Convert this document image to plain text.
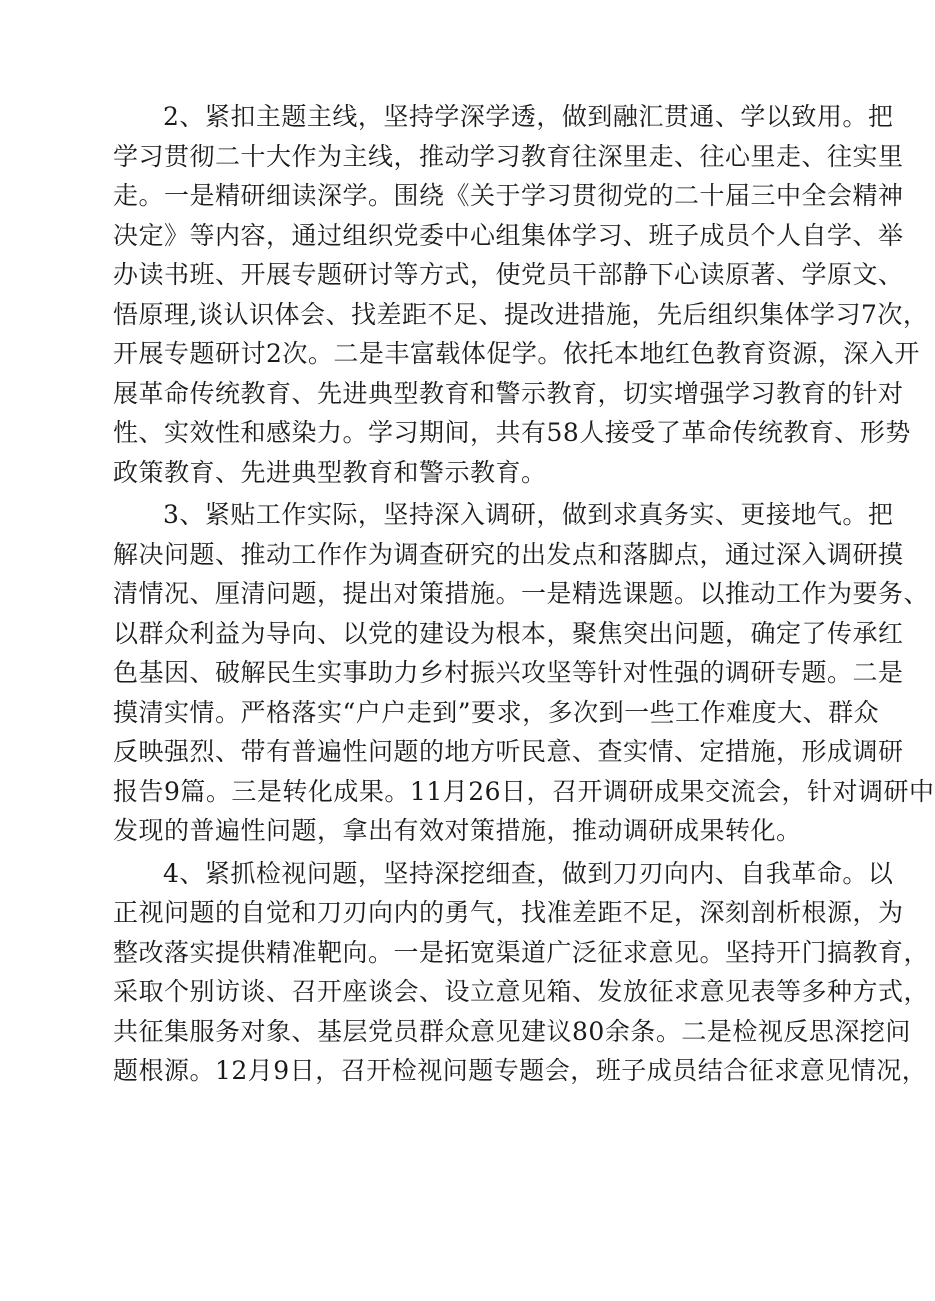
2、紧扣主题主线，坚持学深学透，做到融汇贯通、学以致用。把
学习贯彻二十大作为主线，推动学习教育往深里走、往心里走、往实里
走。一是精研细读深学。围绕《关于学习贯彻党的二十届三中全会精神
决定》等内容，通过组织党委中心组集体学习、班子成员个人自学、举
办读书班、开展专题研讨等方式，使党员干部静下心读原著、学原文、
悟原理,谈认识体会、找差距不足、提改进措施，先后组织集体学习7次，
开展专题研讨2次。二是丰富载体促学。依托本地红色教育资源，深入开
展革命传统教育、先进典型教育和警示教育，切实增强学习教育的针对
性、实效性和感染力。学习期间，共有58人接受了革命传统教育、形势
政策教育、先进典型教育和警示教育。
3、紧贴工作实际，坚持深入调研，做到求真务实、更接地气。把
解决问题、推动工作作为调查研究的出发点和落脚点，通过深入调研摸
清情况、厘清问题，提出对策措施。一是精选课题。以推动工作为要务、
以群众利益为导向、以党的建设为根本，聚焦突出问题，确定了传承红
色基因、破解民生实事助力乡村振兴攻坚等针对性强的调研专题。二是
摸清实情。严格落实“户户走到”要求，多次到一些工作难度大、群众
反映强烈、带有普遍性问题的地方听民意、查实情、定措施，形成调研
报告9篇。三是转化成果。11月26日，召开调研成果交流会，针对调研中
发现的普遍性问题，拿出有效对策措施，推动调研成果转化。
4、紧抓检视问题，坚持深挖细查，做到刀刃向内、自我革命。以
正视问题的自觉和刀刃向内的勇气，找准差距不足，深刻剖析根源，为
整改落实提供精准靶向。一是拓宽渠道广泛征求意见。坚持开门搞教育，
采取个别访谈、召开座谈会、设立意见箱、发放征求意见表等多种方式，
共征集服务对象、基层党员群众意见建议80余条。二是检视反思深挖问
题根源。12月9日，召开检视问题专题会，班子成员结合征求意见情况，
